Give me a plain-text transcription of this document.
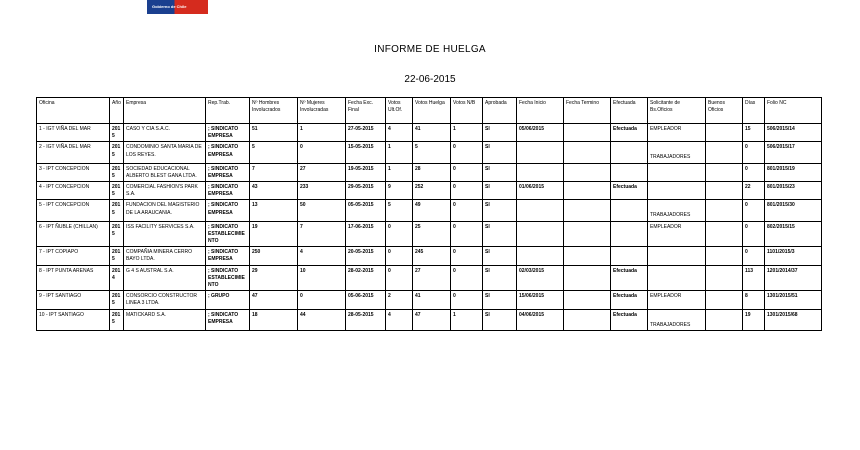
Gobierno de Chile
INFORME DE HUELGA
22-06-2015
Oficina	Año	Empresa	Rep.Trab.	Nº Hombres Involucrados	Nº Mujeres Involucradas	Fecha Exc. Final	Votos Ult.Of.	Votos Huelga	Votos N/B	Aprobada	Fecha Inicio	Fecha Termino	Efectuada	Solicitante de Bs.Oficios	Buenos Oficios	Días	Folio NC
1 - IGT VIÑA DEL MAR	2015	CASO Y CIA S.A.C.	; SINDICATO EMPRESA	51	1	27-05-2015	4	41	1	SI	05/06/2015		Efectuada	EMPLEADOR		15	506/2015/14
2 - IGT VIÑA DEL MAR	2015	CONDOMINIO SANTA MARIA DE LOS REYES.	; SINDICATO EMPRESA	5	0	15-05-2015	1	5	0	SI				TRABAJADORES		0	506/2015/17
3 - IPT CONCEPCION	2015	SOCIEDAD EDUCACIONAL ALBERTO BLEST GANA LTDA.	; SINDICATO EMPRESA	7	27	19-05-2015	1	28	0	SI						0	801/2015/19
4 - IPT CONCEPCION	2015	COMERCIAL FASHION'S PARK S.A.	; SINDICATO EMPRESA	43	233	29-05-2015	9	252	0	SI	01/06/2015		Efectuada			22	801/2015/23
5 - IPT CONCEPCION	2015	FUNDACION DEL MAGISTERIO DE LA ARAUCANIA.	; SINDICATO EMPRESA	13	50	05-05-2015	5	49	0	SI				TRABAJADORES		0	801/2015/30
6 - IPT ÑUBLE (CHILLAN)	2015	ISS FACILITY SERVICES S.A.	; SINDICATO ESTABLECIMIENTO	19	7	17-06-2015	0	25	0	SI				EMPLEADOR		0	802/2015/15
7 - IPT COPIAPO	2015	COMPAÑIA MINERA CERRO BAYO LTDA.	; SINDICATO EMPRESA	250	4	20-05-2015	0	245	0	SI						0	1101/2015/3
8 - IPT PUNTA ARENAS	2014	G 4 S AUSTRAL S.A.	; SINDICATO ESTABLECIMIENTO	29	10	28-02-2015	0	27	0	SI	02/03/2015		Efectuada			113	1201/2014/37
9 - IPT SANTIAGO	2015	CONSORCIO CONSTRUCTOR LINEA 3 LTDA.	; GRUPO	47	0	05-06-2015	2	41	0	SI	15/06/2015		Efectuada	EMPLEADOR		8	1301/2015/51
10 - IPT SANTIAGO	2015	MATICKARD S.A.	; SINDICATO EMPRESA	18	44	28-05-2015	4	47	1	SI	04/06/2015		Efectuada	TRABAJADORES		19	1301/2015/68
